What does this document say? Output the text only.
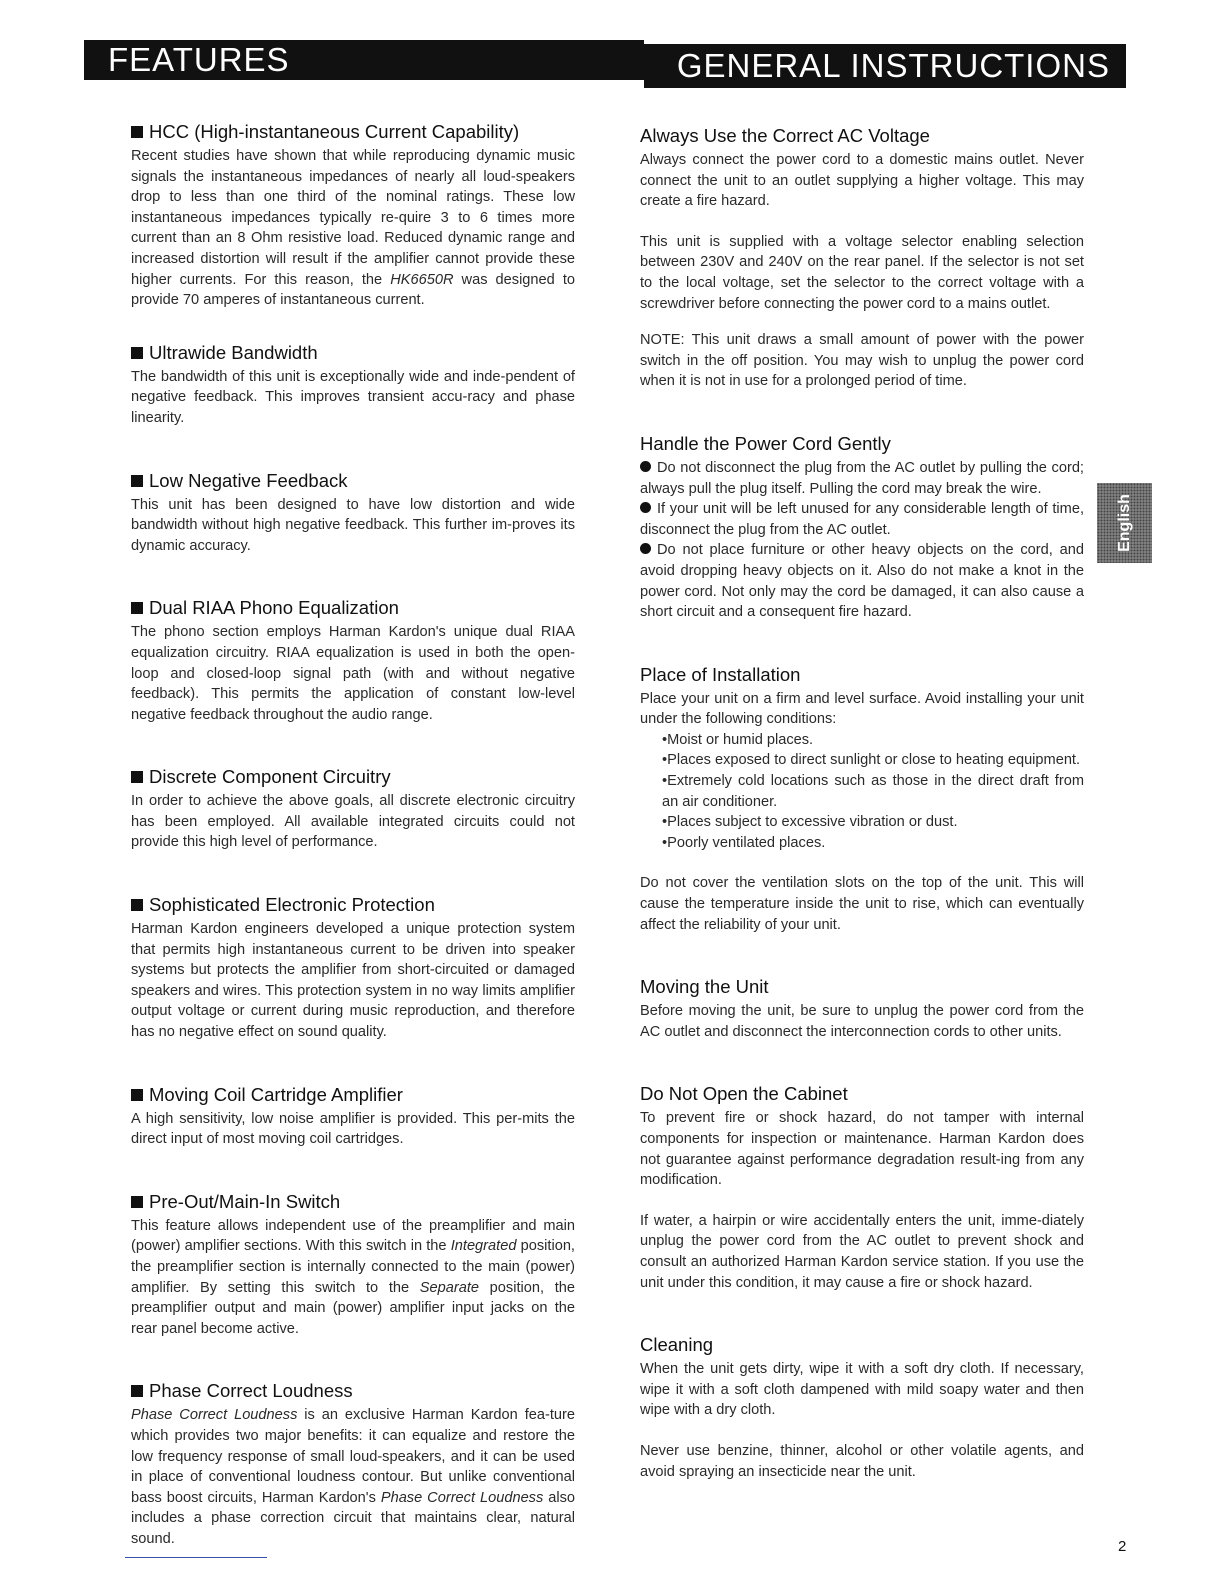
FEATURES	GENERAL INSTRUCTIONS
HCC (High-instantaneous Current Capability)

Recent studies have shown that while reproducing dynamic music signals the instantaneous impedances of nearly all loud-speakers drop to less than one third of the nominal ratings. These low instantaneous impedances typically re-quire 3 to 6 times more current than an 8 Ohm resistive load. Reduced dynamic range and increased distortion will result if the amplifier cannot provide these higher currents. For this reason, the HK6650R was designed to provide 70 amperes of instantaneous current.

Ultrawide Bandwidth

The bandwidth of this unit is exceptionally wide and inde-pendent of negative feedback. This improves transient accu-racy and phase linearity.

Low Negative Feedback

This unit has been designed to have low distortion and wide bandwidth without high negative feedback. This further im-proves its dynamic accuracy.

Dual RIAA Phono Equalization

The phono section employs Harman Kardon's unique dual RIAA equalization circuitry. RIAA equalization is used in both the open-loop and closed-loop signal path (with and without negative feedback). This permits the application of constant low-level negative feedback throughout the audio range.

Discrete Component Circuitry

In order to achieve the above goals, all discrete electronic circuitry has been employed. All available integrated circuits could not provide this high level of performance.

Sophisticated Electronic Protection

Harman Kardon engineers developed a unique protection system that permits high instantaneous current to be driven into speaker systems but protects the amplifier from short-circuited or damaged speakers and wires. This protection system in no way limits amplifier output voltage or current during music reproduction, and therefore has no negative effect on sound quality.

Moving Coil Cartridge Amplifier

A high sensitivity, low noise amplifier is provided. This per-mits the direct input of most moving coil cartridges.

Pre-Out/Main-In Switch

This feature allows independent use of the preamplifier and main (power) amplifier sections. With this switch in the Integrated position, the preamplifier section is internally connected to the main (power) amplifier. By setting this switch to the Separate position, the preamplifier output and main (power) amplifier input jacks on the rear panel become active.

Phase Correct Loudness

Phase Correct Loudness is an exclusive Harman Kardon fea-ture which provides two major benefits: it can equalize and restore the low frequency response of small loud-speakers, and it can be used in place of conventional loudness contour. But unlike conventional bass boost circuits, Harman Kardon's Phase Correct Loudness also includes a phase correction circuit that maintains clear, natural sound.

Always Use the Correct AC Voltage

Always connect the power cord to a domestic mains outlet. Never connect the unit to an outlet supplying a higher voltage. This may create a fire hazard.

This unit is supplied with a voltage selector enabling selection between 230V and 240V on the rear panel. If the selector is not set to the local voltage, set the selector to the correct voltage with a screwdriver before connecting the power cord to a mains outlet.

NOTE: This unit draws a small amount of power with the power switch in the off position. You may wish to unplug the power cord when it is not in use for a prolonged period of time.

Handle the Power Cord Gently
Do not disconnect the plug from the AC outlet by pulling the cord; always pull the plug itself. Pulling the cord may break the wire.
If your unit will be left unused for any considerable length of time, disconnect the plug from the AC outlet.
Do not place furniture or other heavy objects on the cord, and avoid dropping heavy objects on it. Also do not make a knot in the power cord. Not only may the cord be damaged, it can also cause a short circuit and a consequent fire hazard.
Place of Installation

Place your unit on a firm and level surface. Avoid installing your unit under the following conditions:

• Moist or humid places.
• Places exposed to direct sunlight or close to heating equipment.
• Extremely cold locations such as those in the direct draft from an air conditioner.
• Places subject to excessive vibration or dust.
• Poorly ventilated places.

Do not cover the ventilation slots on the top of the unit. This will cause the temperature inside the unit to rise, which can eventually affect the reliability of your unit.

Moving the Unit

Before moving the unit, be sure to unplug the power cord from the AC outlet and disconnect the interconnection cords to other units.

Do Not Open the Cabinet

To prevent fire or shock hazard, do not tamper with internal components for inspection or maintenance. Harman Kardon does not guarantee against performance degradation result-ing from any modification.

If water, a hairpin or wire accidentally enters the unit, imme-diately unplug the power cord from the AC outlet to prevent shock and consult an authorized Harman Kardon service station. If you use the unit under this condition, it may cause a fire or shock hazard.

Cleaning

When the unit gets dirty, wipe it with a soft dry cloth. If necessary, wipe it with a soft cloth dampened with mild soapy water and then wipe with a dry cloth.

Never use benzine, thinner, alcohol or other volatile agents, and avoid spraying an insecticide near the unit.

English
2
